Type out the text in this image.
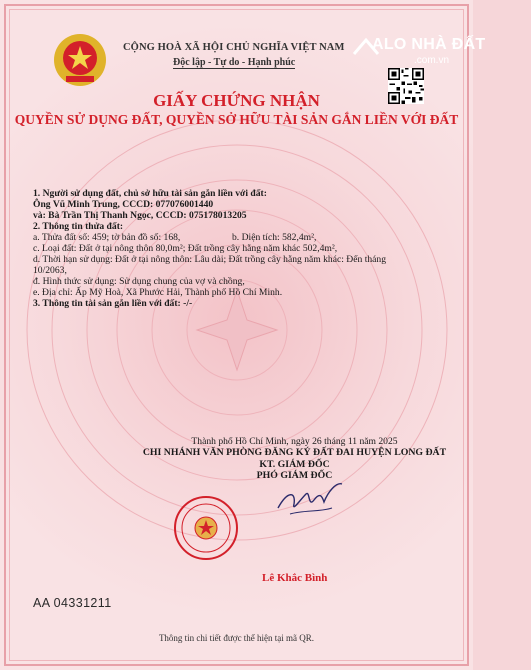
CỘNG HOÀ XÃ HỘI CHỦ NGHĨA VIỆT NAM
Độc lập - Tự do - Hạnh phúc
ALO NHÀ ĐẤT
.com.vn
GIẤY CHỨNG NHẬN
QUYỀN SỬ DỤNG ĐẤT, QUYỀN SỞ HỮU TÀI SẢN GẮN LIỀN VỚI ĐẤT
1. Người sử dụng đất, chủ sở hữu tài sản gắn liền với đất:
Ông Vũ Minh Trung, CCCD: 077076001440
và: Bà Trần Thị Thanh Ngọc, CCCD: 075178013205
2. Thông tin thửa đất:
a. Thửa đất số: 459; tờ bản đồ số: 168,	b. Diện tích: 582,4m²,
c. Loại đất: Đất ở tại nông thôn 80,0m²; Đất trồng cây hằng năm khác 502,4m²,
d. Thời hạn sử dụng: Đất ở tại nông thôn: Lâu dài; Đất trồng cây hằng năm khác: Đến tháng
10/2063,
đ. Hình thức sử dụng: Sử dụng chung của vợ và chồng,
e. Địa chỉ: Ấp Mỹ Hoà, Xã Phước Hải, Thành phố Hồ Chí Minh.
3. Thông tin tài sản gắn liền với đất: -/-
Thành phố Hồ Chí Minh, ngày 26 tháng 11 năm 2025
CHI NHÁNH VĂN PHÒNG ĐĂNG KÝ ĐẤT ĐAI HUYỆN LONG ĐẤT
KT. GIÁM ĐỐC
PHÓ GIÁM ĐỐC
Lê Khắc Bình
AA 04331211
Thông tin chi tiết được thể hiện tại mã QR.
